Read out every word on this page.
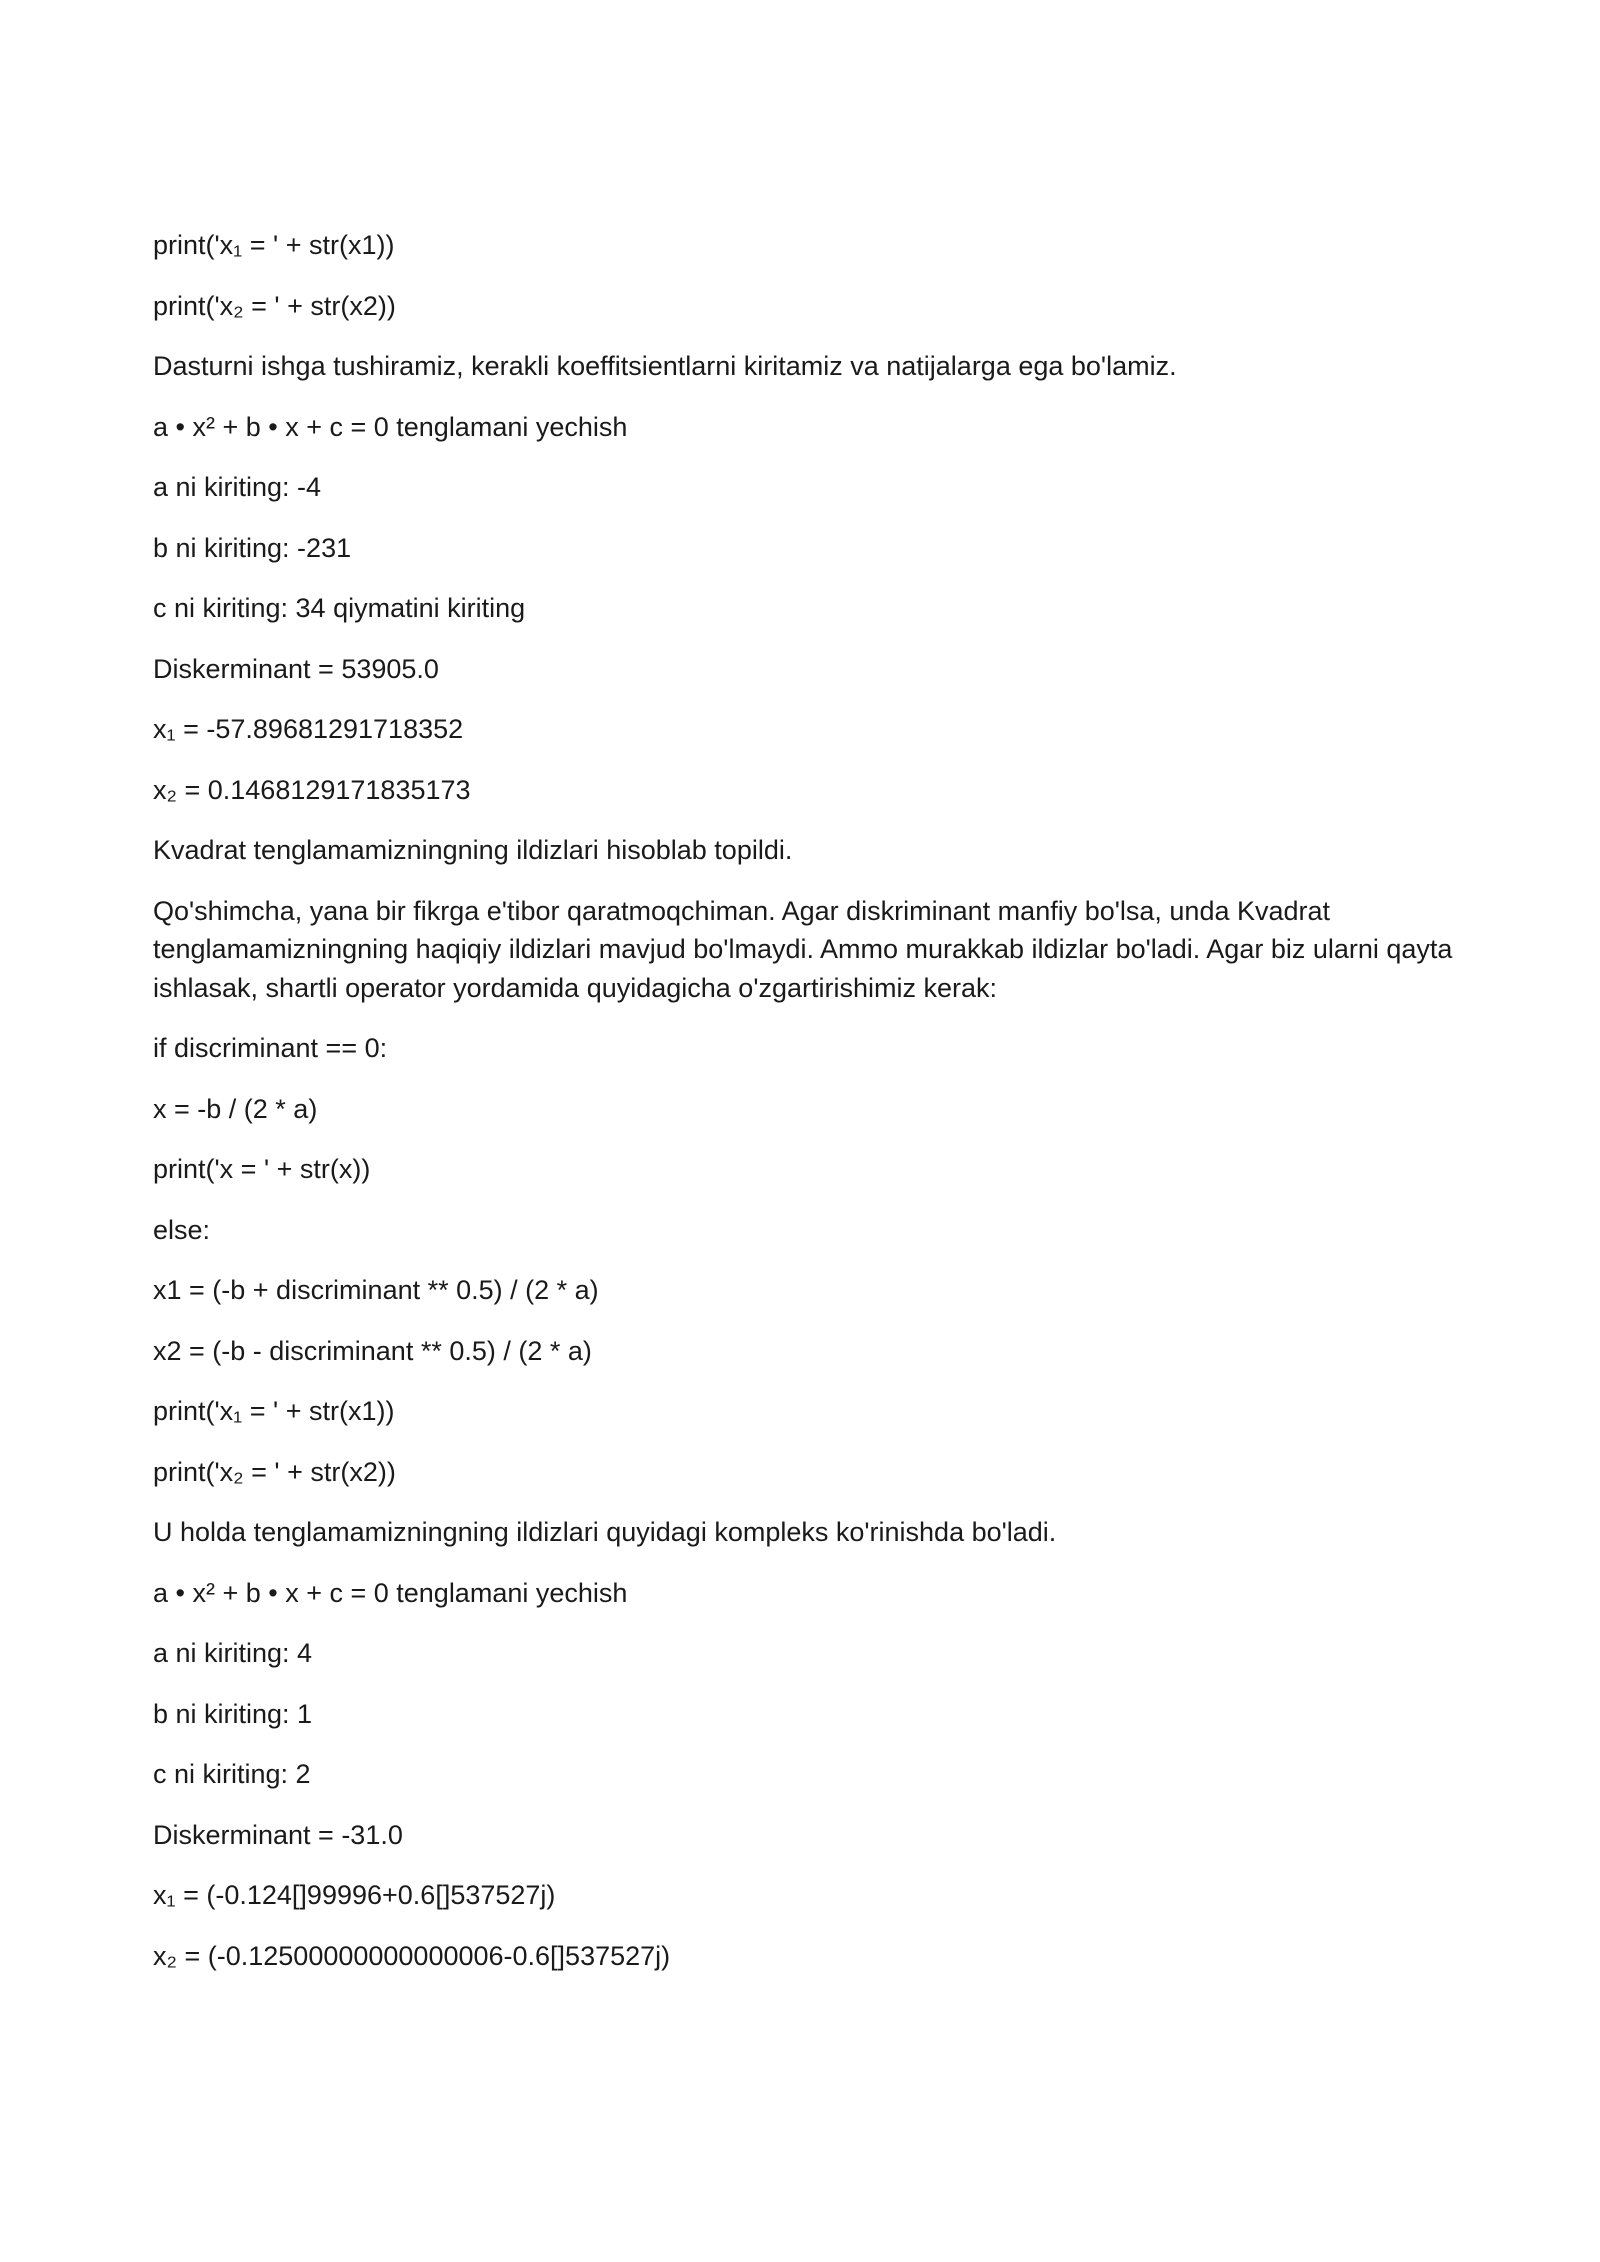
print('x₁ = ' + str(x1))
print('x₂ = ' + str(x2))
Dasturni ishga tushiramiz, kerakli koeffitsientlarni kiritamiz va natijalarga ega bo'lamiz.
a • x² + b • x + c = 0 tenglamani yechish
a ni kiriting: -4
b ni kiriting: -231
c ni kiriting: 34 qiymatini kiriting
Diskerminant = 53905.0
x₁ = -57.89681291718352
x₂ = 0.1468129171835173
Kvadrat tenglamamizningning ildizlari hisoblab topildi.
Qo'shimcha, yana bir fikrga e'tibor qaratmoqchiman. Agar diskriminant manfiy bo'lsa, unda Kvadrat tenglamamizningning haqiqiy ildizlari mavjud bo'lmaydi. Ammo murakkab ildizlar bo'ladi. Agar biz ularni qayta ishlasak, shartli operator yordamida quyidagicha o'zgartirishimiz kerak:
if discriminant == 0:
x = -b / (2 * a)
print('x = ' + str(x))
else:
x1 = (-b + discriminant ** 0.5) / (2 * a)
x2 = (-b - discriminant ** 0.5) / (2 * a)
print('x₁ = ' + str(x1))
print('x₂ = ' + str(x2))
U holda tenglamamizningning ildizlari quyidagi kompleks ko'rinishda bo'ladi.
a • x² + b • x + c = 0 tenglamani yechish
a ni kiriting: 4
b ni kiriting: 1
c ni kiriting: 2
Diskerminant = -31.0
x₁ = (-0.124[]99996+0.6[]537527j)
x₂ = (-0.12500000000000006-0.6[]537527j)
